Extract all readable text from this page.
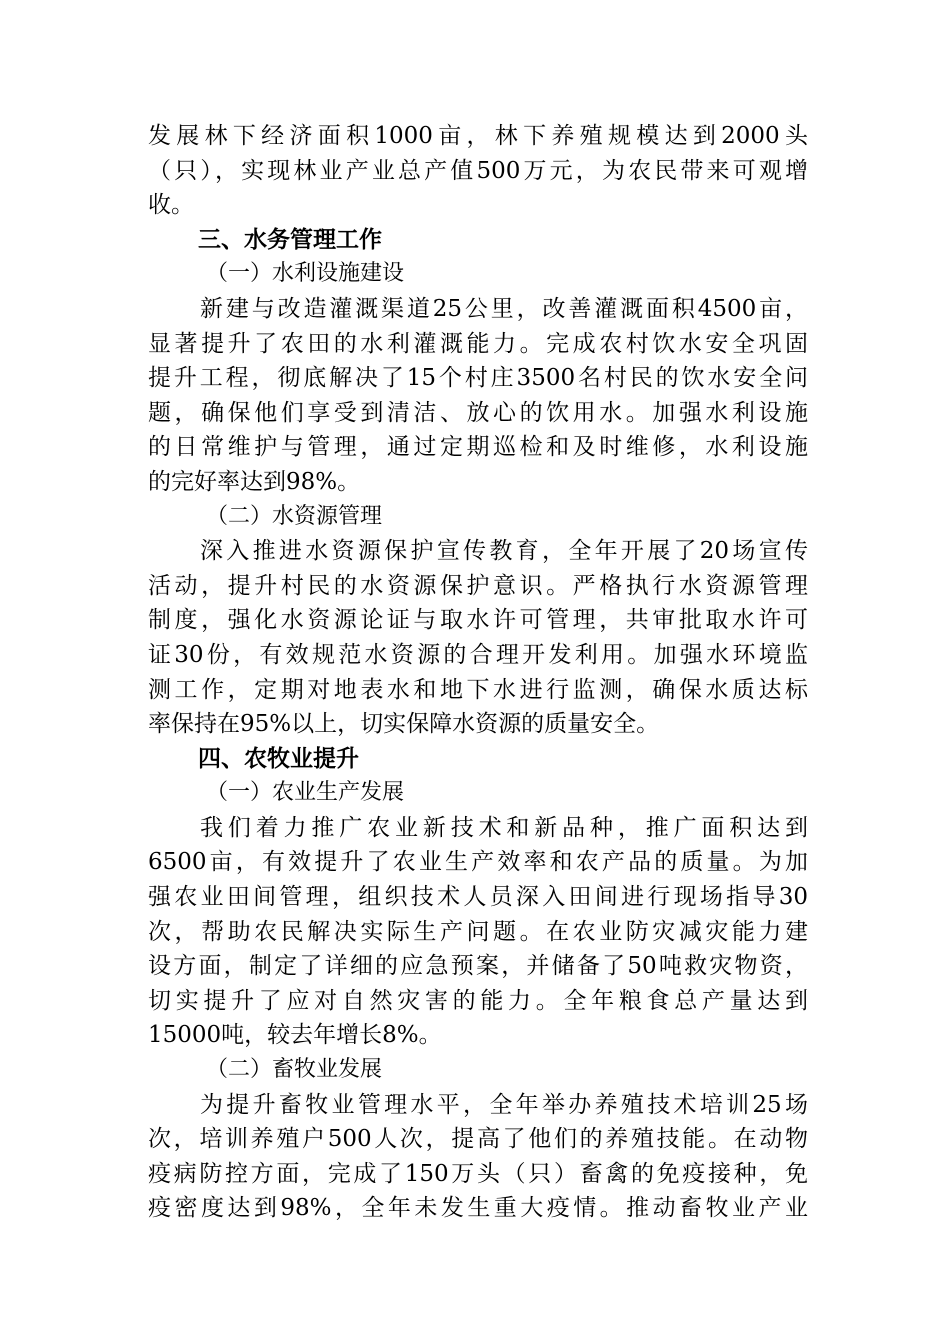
发展林下经济面积1000亩，林下养殖规模达到2000头
（只），实现林业产业总产值500万元，为农民带来可观增
收。
三、水务管理工作
（一）水利设施建设
新建与改造灌溉渠道25公里，改善灌溉面积4500亩，
显著提升了农田的水利灌溉能力。完成农村饮水安全巩固
提升工程，彻底解决了15个村庄3500名村民的饮水安全问
题，确保他们享受到清洁、放心的饮用水。加强水利设施
的日常维护与管理，通过定期巡检和及时维修，水利设施
的完好率达到98%。
（二）水资源管理
深入推进水资源保护宣传教育，全年开展了20场宣传
活动，提升村民的水资源保护意识。严格执行水资源管理
制度，强化水资源论证与取水许可管理，共审批取水许可
证30份，有效规范水资源的合理开发利用。加强水环境监
测工作，定期对地表水和地下水进行监测，确保水质达标
率保持在95%以上，切实保障水资源的质量安全。
四、农牧业提升
（一）农业生产发展
我们着力推广农业新技术和新品种，推广面积达到
6500亩，有效提升了农业生产效率和农产品的质量。为加
强农业田间管理，组织技术人员深入田间进行现场指导30
次，帮助农民解决实际生产问题。在农业防灾减灾能力建
设方面，制定了详细的应急预案，并储备了50吨救灾物资，
切实提升了应对自然灾害的能力。全年粮食总产量达到
15000吨，较去年增长8%。
（二）畜牧业发展
为提升畜牧业管理水平，全年举办养殖技术培训25场
次，培训养殖户500人次，提高了他们的养殖技能。在动物
疫病防控方面，完成了150万头（只）畜禽的免疫接种，免
疫密度达到98%，全年未发生重大疫情。推动畜牧业产业
